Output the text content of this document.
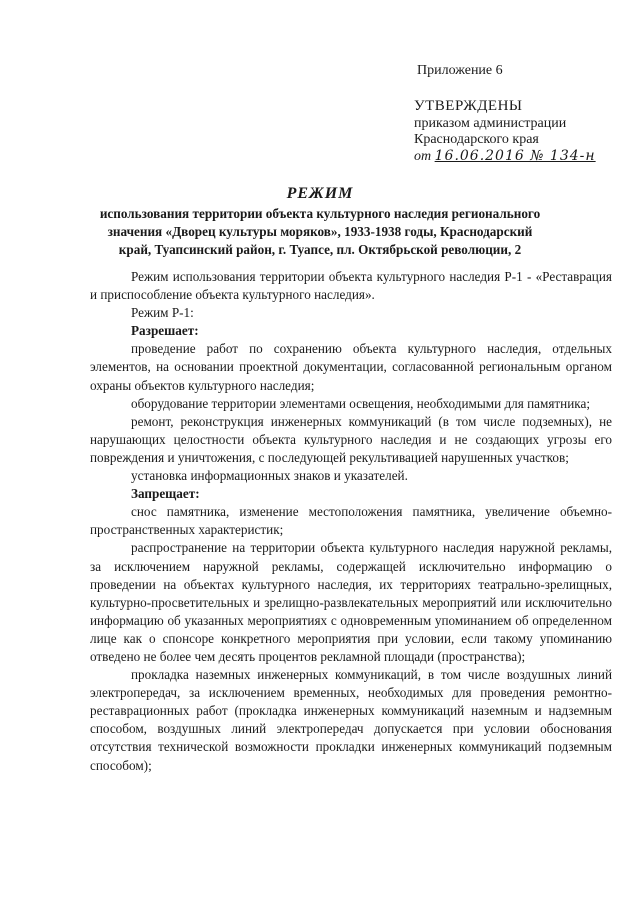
Приложение 6
УТВЕРЖДЕНЫ
приказом администрации
Краснодарского края
от 16.06.2016 № 134-н
РЕЖИМ
использования территории объекта культурного наследия регионального значения «Дворец культуры моряков», 1933-1938 годы, Краснодарский край, Туапсинский район, г. Туапсе, пл. Октябрьской революции, 2

Режим использования территории объекта культурного наследия Р-1 - «Реставрация и приспособление объекта культурного наследия».

Режим Р-1:

Разрешает:

проведение работ по сохранению объекта культурного наследия, отдельных элементов, на основании проектной документации, согласованной региональным органом охраны объектов культурного наследия;

оборудование территории элементами освещения, необходимыми для памятника;

ремонт, реконструкция инженерных коммуникаций (в том числе подземных), не нарушающих целостности объекта культурного наследия и не создающих угрозы его повреждения и уничтожения, с последующей рекультивацией нарушенных участков;

установка информационных знаков и указателей.

Запрещает:

снос памятника, изменение местоположения памятника, увеличение объемно-пространственных характеристик;

распространение на территории объекта культурного наследия наружной рекламы, за исключением наружной рекламы, содержащей исключительно информацию о проведении на объектах культурного наследия, их территориях театрально-зрелищных, культурно-просветительных и зрелищно-развлекательных мероприятий или исключительно информацию об указанных мероприятиях с одновременным упоминанием об определенном лице как о спонсоре конкретного мероприятия при условии, если такому упоминанию отведено не более чем десять процентов рекламной площади (пространства);

прокладка наземных инженерных коммуникаций, в том числе воздушных линий электропередач, за исключением временных, необходимых для проведения ремонтно-реставрационных работ (прокладка инженерных коммуникаций наземным и надземным способом, воздушных линий электропередач допускается при условии обоснования отсутствия технической возможности прокладки инженерных коммуникаций подземным способом);
